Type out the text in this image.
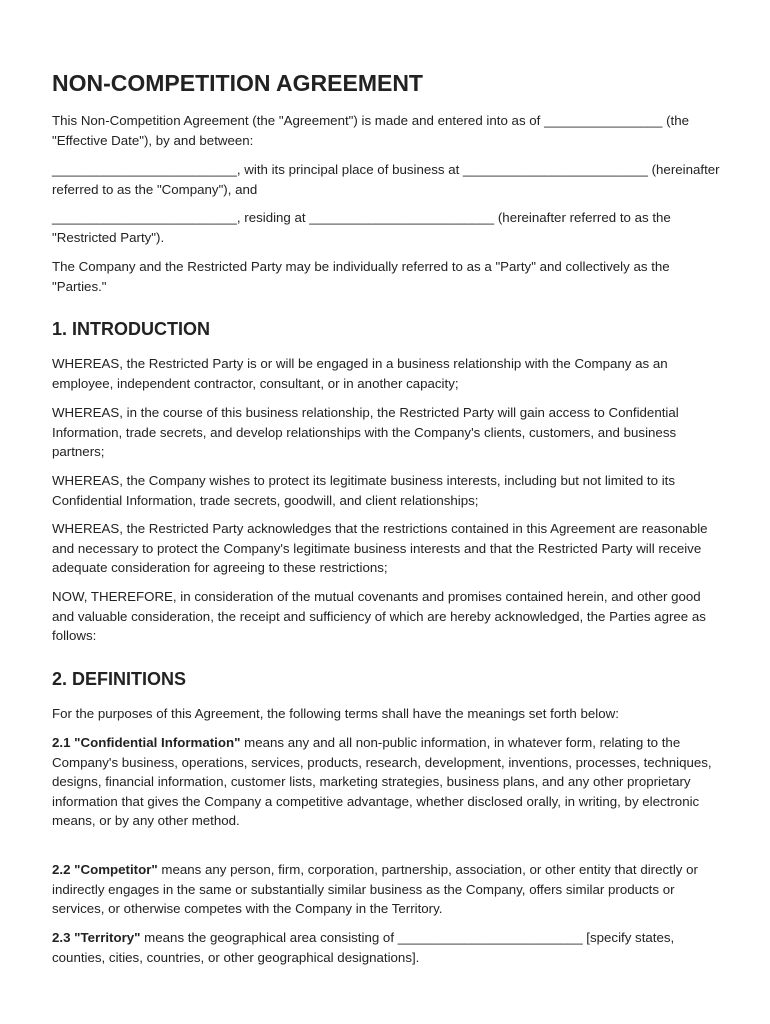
NON-COMPETITION AGREEMENT

This Non-Competition Agreement (the "Agreement") is made and entered into as of ________________ (the "Effective Date"), by and between:

_________________________, with its principal place of business at _________________________ (hereinafter referred to as the "Company"), and

_________________________, residing at _________________________ (hereinafter referred to as the "Restricted Party").

The Company and the Restricted Party may be individually referred to as a "Party" and collectively as the "Parties."

1. INTRODUCTION

WHEREAS, the Restricted Party is or will be engaged in a business relationship with the Company as an employee, independent contractor, consultant, or in another capacity;

WHEREAS, in the course of this business relationship, the Restricted Party will gain access to Confidential Information, trade secrets, and develop relationships with the Company's clients, customers, and business partners;

WHEREAS, the Company wishes to protect its legitimate business interests, including but not limited to its Confidential Information, trade secrets, goodwill, and client relationships;

WHEREAS, the Restricted Party acknowledges that the restrictions contained in this Agreement are reasonable and necessary to protect the Company's legitimate business interests and that the Restricted Party will receive adequate consideration for agreeing to these restrictions;

NOW, THEREFORE, in consideration of the mutual covenants and promises contained herein, and other good and valuable consideration, the receipt and sufficiency of which are hereby acknowledged, the Parties agree as follows:

2. DEFINITIONS

For the purposes of this Agreement, the following terms shall have the meanings set forth below:

2.1 "Confidential Information" means any and all non-public information, in whatever form, relating to the Company's business, operations, services, products, research, development, inventions, processes, techniques, designs, financial information, customer lists, marketing strategies, business plans, and any other proprietary information that gives the Company a competitive advantage, whether disclosed orally, in writing, by electronic means, or by any other method.

2.2 "Competitor" means any person, firm, corporation, partnership, association, or other entity that directly or indirectly engages in the same or substantially similar business as the Company, offers similar products or services, or otherwise competes with the Company in the Territory.

2.3 "Territory" means the geographical area consisting of _________________________ [specify states, counties, cities, countries, or other geographical designations].
